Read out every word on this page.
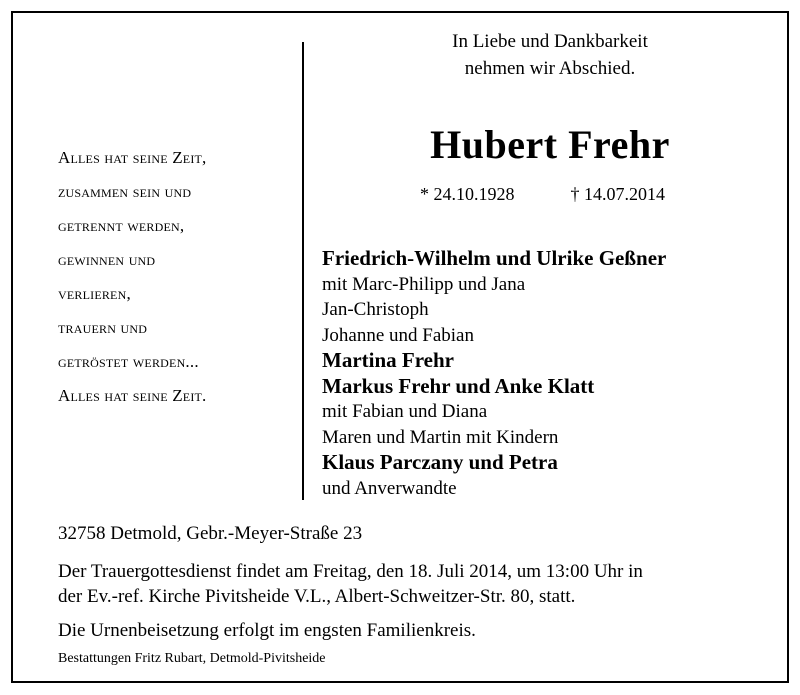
Alles hat seine Zeit,
zusammen sein und
getrennt werden,
gewinnen und
verlieren,
trauern und
getröstet werden...
Alles hat seine Zeit.
In Liebe und Dankbarkeit
nehmen wir Abschied.
Hubert Frehr
* 24.10.1928	† 14.07.2014
Friedrich-Wilhelm und Ulrike Geßner
mit Marc-Philipp und Jana
Jan-Christoph
Johanne und Fabian
Martina Frehr
Markus Frehr und Anke Klatt
mit Fabian und Diana
Maren und Martin mit Kindern
Klaus Parczany und Petra
und Anverwandte
32758 Detmold, Gebr.-Meyer-Straße 23
Der Trauergottesdienst findet am Freitag, den 18. Juli 2014, um 13:00 Uhr in
der Ev.-ref. Kirche Pivitsheide V.L., Albert-Schweitzer-Str. 80, statt.
Die Urnenbeisetzung erfolgt im engsten Familienkreis.
Bestattungen Fritz Rubart, Detmold-Pivitsheide
